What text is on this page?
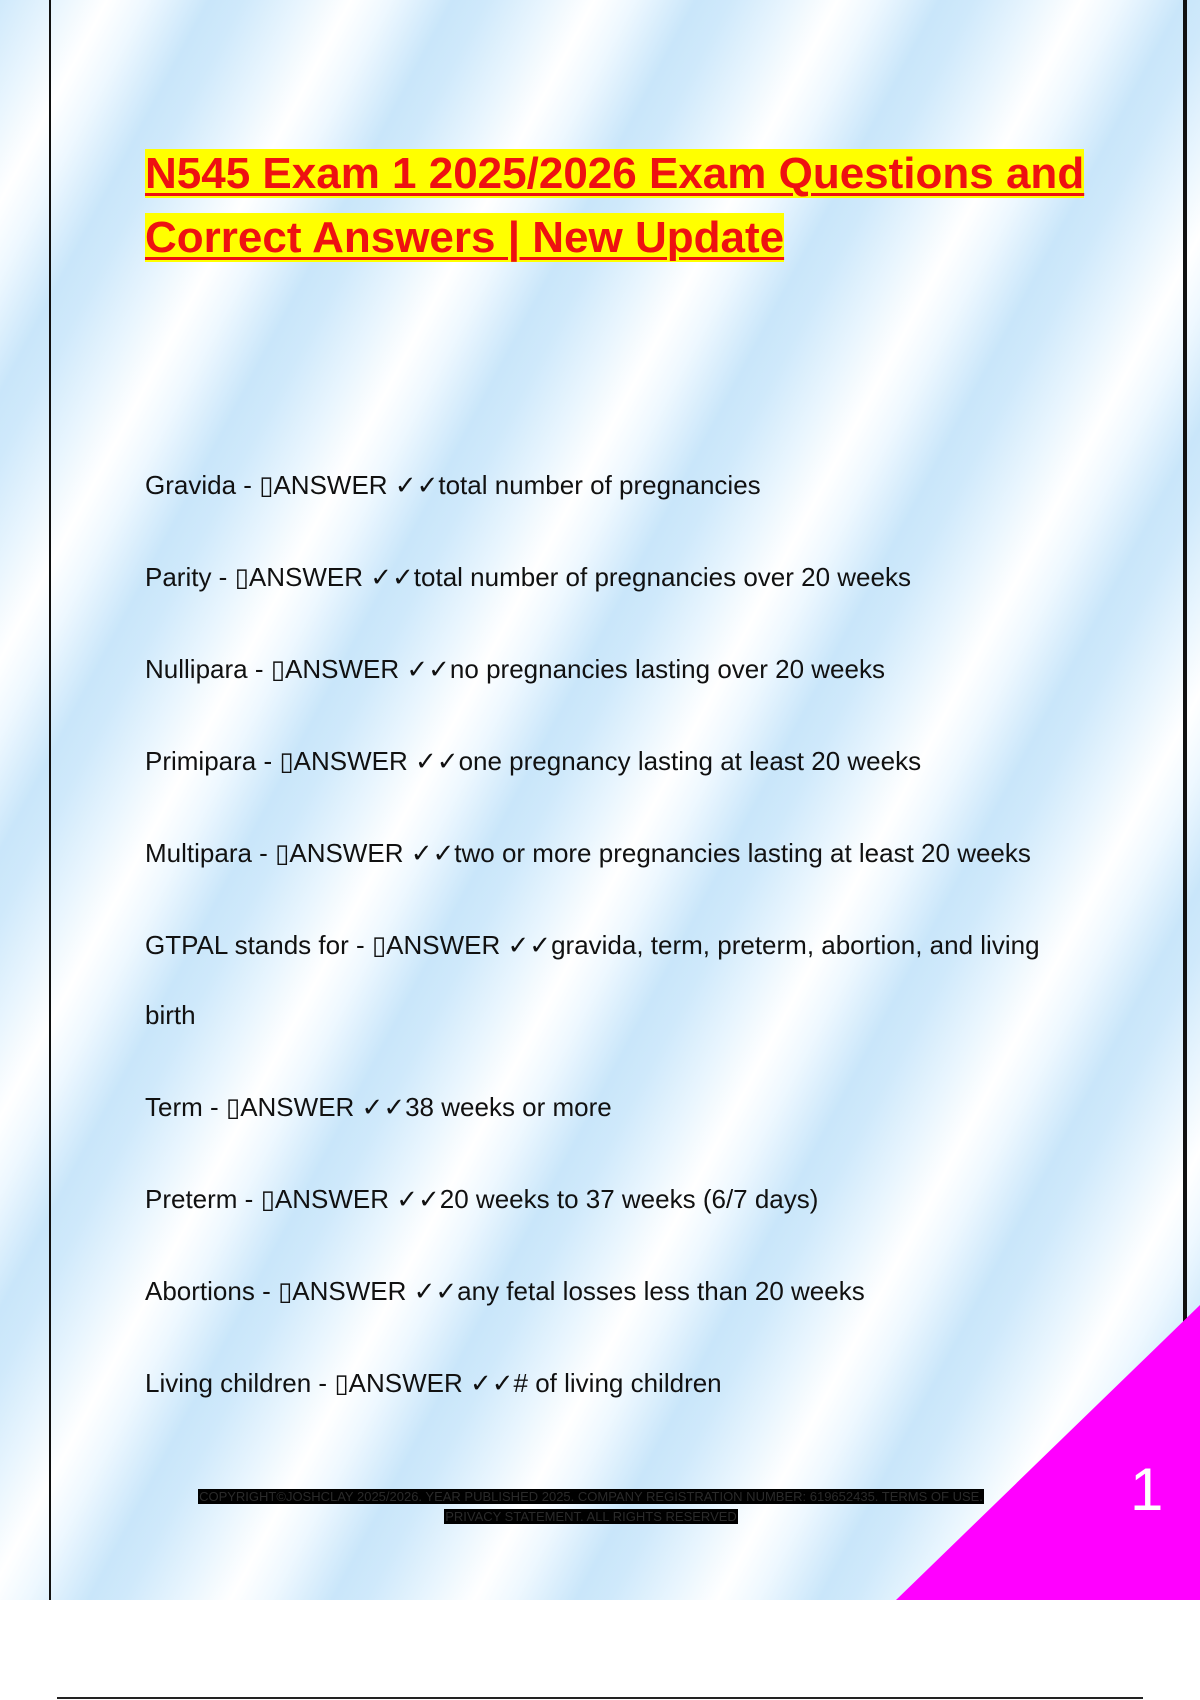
N545 Exam 1 2025/2026 Exam Questions and Correct Answers | New Update
Gravida - ▯ANSWER ✓✓total number of pregnancies
Parity - ▯ANSWER ✓✓total number of pregnancies over 20 weeks
Nullipara - ▯ANSWER ✓✓no pregnancies lasting over 20 weeks
Primipara - ▯ANSWER ✓✓one pregnancy lasting at least 20 weeks
Multipara - ▯ANSWER ✓✓two or more pregnancies lasting at least 20 weeks
GTPAL stands for - ▯ANSWER ✓✓gravida, term, preterm, abortion, and living birth
Term - ▯ANSWER ✓✓38 weeks or more
Preterm - ▯ANSWER ✓✓20 weeks to 37 weeks (6/7 days)
Abortions - ▯ANSWER ✓✓any fetal losses less than 20 weeks
Living children - ▯ANSWER ✓✓# of living children
1

COPYRIGHT©JOSHCLAY 2025/2026. YEAR PUBLISHED 2025. COMPANY REGISTRATION NUMBER: 619652435. TERMS OF USE. PRIVACY STATEMENT. ALL RIGHTS RESERVED
